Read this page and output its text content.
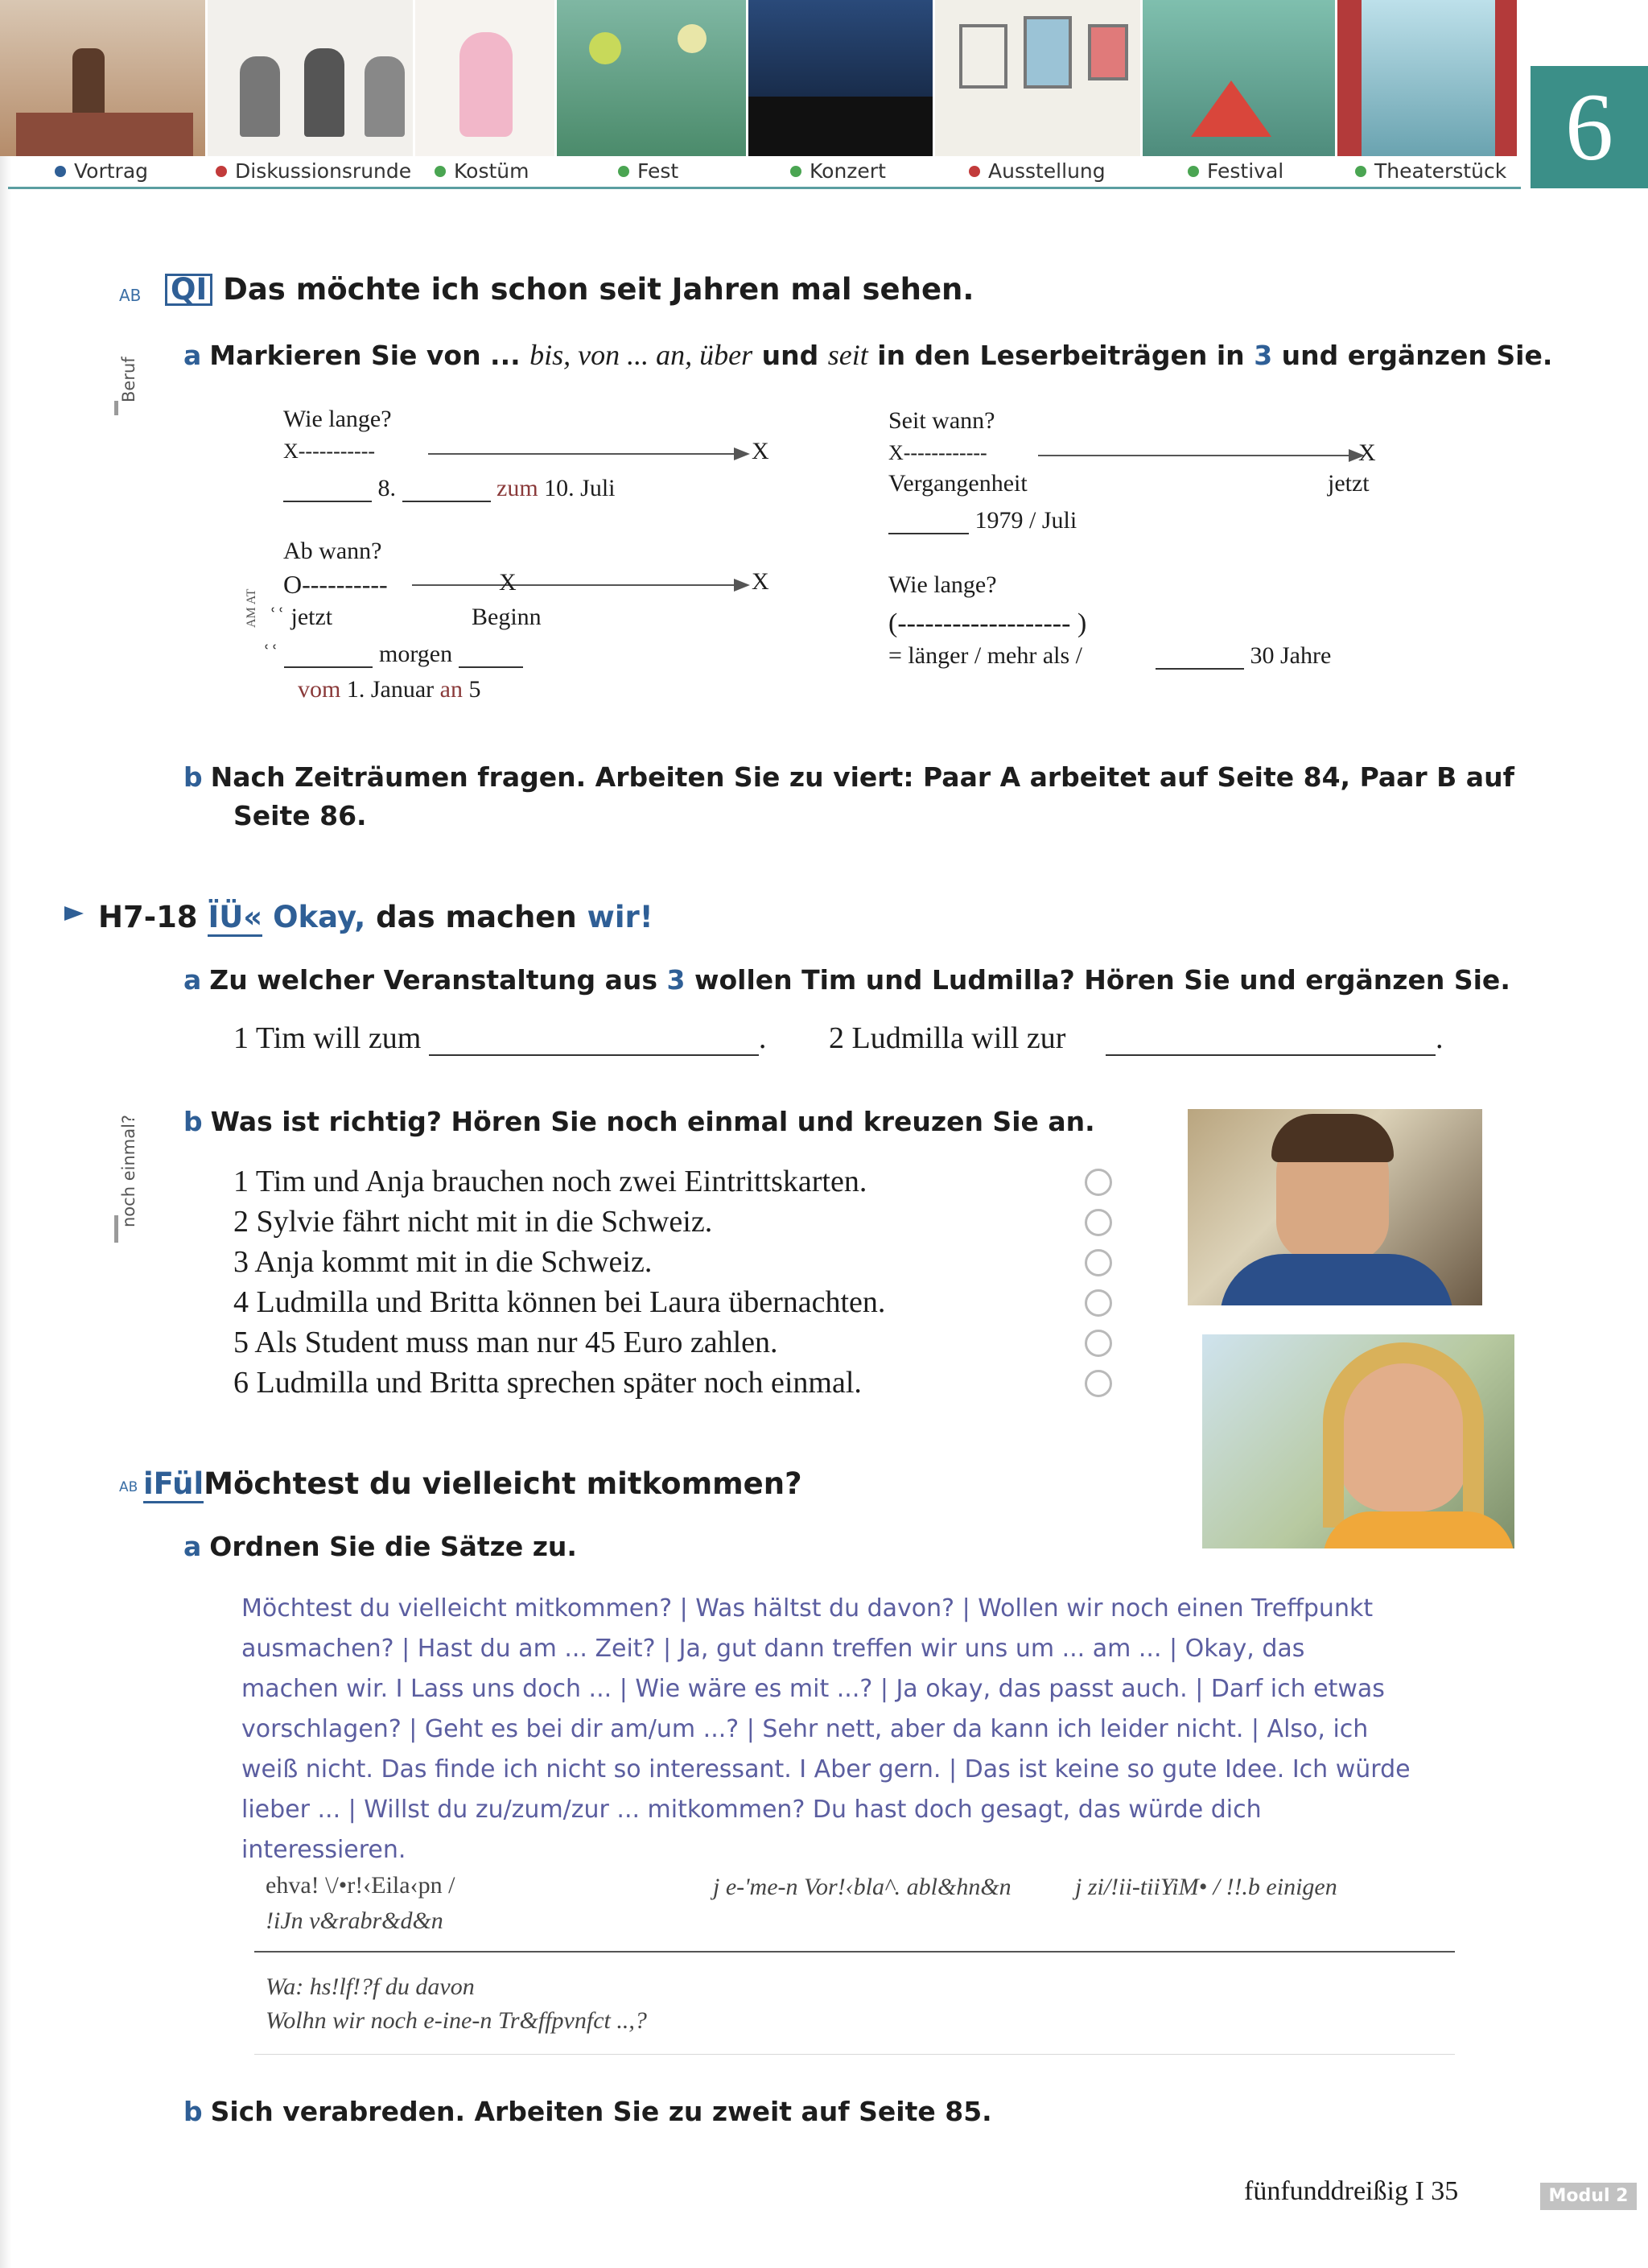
Vortrag	Diskussionsrunde	Kostüm	Fest	Konzert	Ausstellung	Festival	Theaterstück 6
Beruf
noch einmal?
AB QI Das möchte ich schon seit Jahren mal sehen.
a Markieren Sie von ... bis, von ... an, über und seit in den Leserbeiträgen in 3 und ergänzen Sie.
Wie lange?
X-----------	X
8.	zum 10. Juli
Ab wann?
O----------	X	X
ʿʿ jetzt	Beginn
AM AT
ʿʿ	morgen
vom 1. Januar an 5
Seit wann?
X------------	X
Vergangenheit	jetzt
1979 / Juli
Wie lange?
(------------------- )
= länger / mehr als /	30 Jahre
b Nach Zeiträumen fragen. Arbeiten Sie zu viert: Paar A arbeitet auf Seite 84, Paar B auf
Seite 86.
H7-18 ÏÜ« Okay, das machen wir!
a Zu welcher Veranstaltung aus 3 wollen Tim und Ludmilla? Hören Sie und ergänzen Sie.
1 Tim will zum	. 2 Ludmilla will zur	.
b Was ist richtig? Hören Sie noch einmal und kreuzen Sie an.
1 Tim und Anja brauchen noch zwei Eintrittskarten.
2 Sylvie fährt nicht mit in die Schweiz.
3 Anja kommt mit in die Schweiz.
4 Ludmilla und Britta können bei Laura übernachten.
5 Als Student muss man nur 45 Euro zahlen.
6 Ludmilla und Britta sprechen später noch einmal.
AB iFülMöchtest du vielleicht mitkommen?
a Ordnen Sie die Sätze zu.
Möchtest du vielleicht mitkommen? | Was hältst du davon? | Wollen wir noch einen Treffpunkt
ausmachen? | Hast du am ... Zeit? | Ja, gut dann treffen wir uns um ... am ... | Okay, das
machen wir. I Lass uns doch ... | Wie wäre es mit ...? | Ja okay, das passt auch. | Darf ich etwas
vorschlagen? | Geht es bei dir am/um ...? | Sehr nett, aber da kann ich leider nicht. | Also, ich
weiß nicht. Das finde ich nicht so interessant. I Aber gern. | Das ist keine so gute Idee. Ich würde
lieber ... | Willst du zu/zum/zur ... mitkommen? Du hast doch gesagt, das würde dich interessieren.
ehva! \/•r!‹Eila‹pn /
!iJn v&rabr&d&n
j e-'me-n Vor!‹bla^. abl&hn&n	j zi/!ii-tiiYiM• / !!.b einigen
Wa: hs!lf!?f du davon
Wolhn wir noch e-ine-n Tr&ffpvnfct ..,?
b Sich verabreden. Arbeiten Sie zu zweit auf Seite 85.
fünfunddreißig I 35	Modul 2
